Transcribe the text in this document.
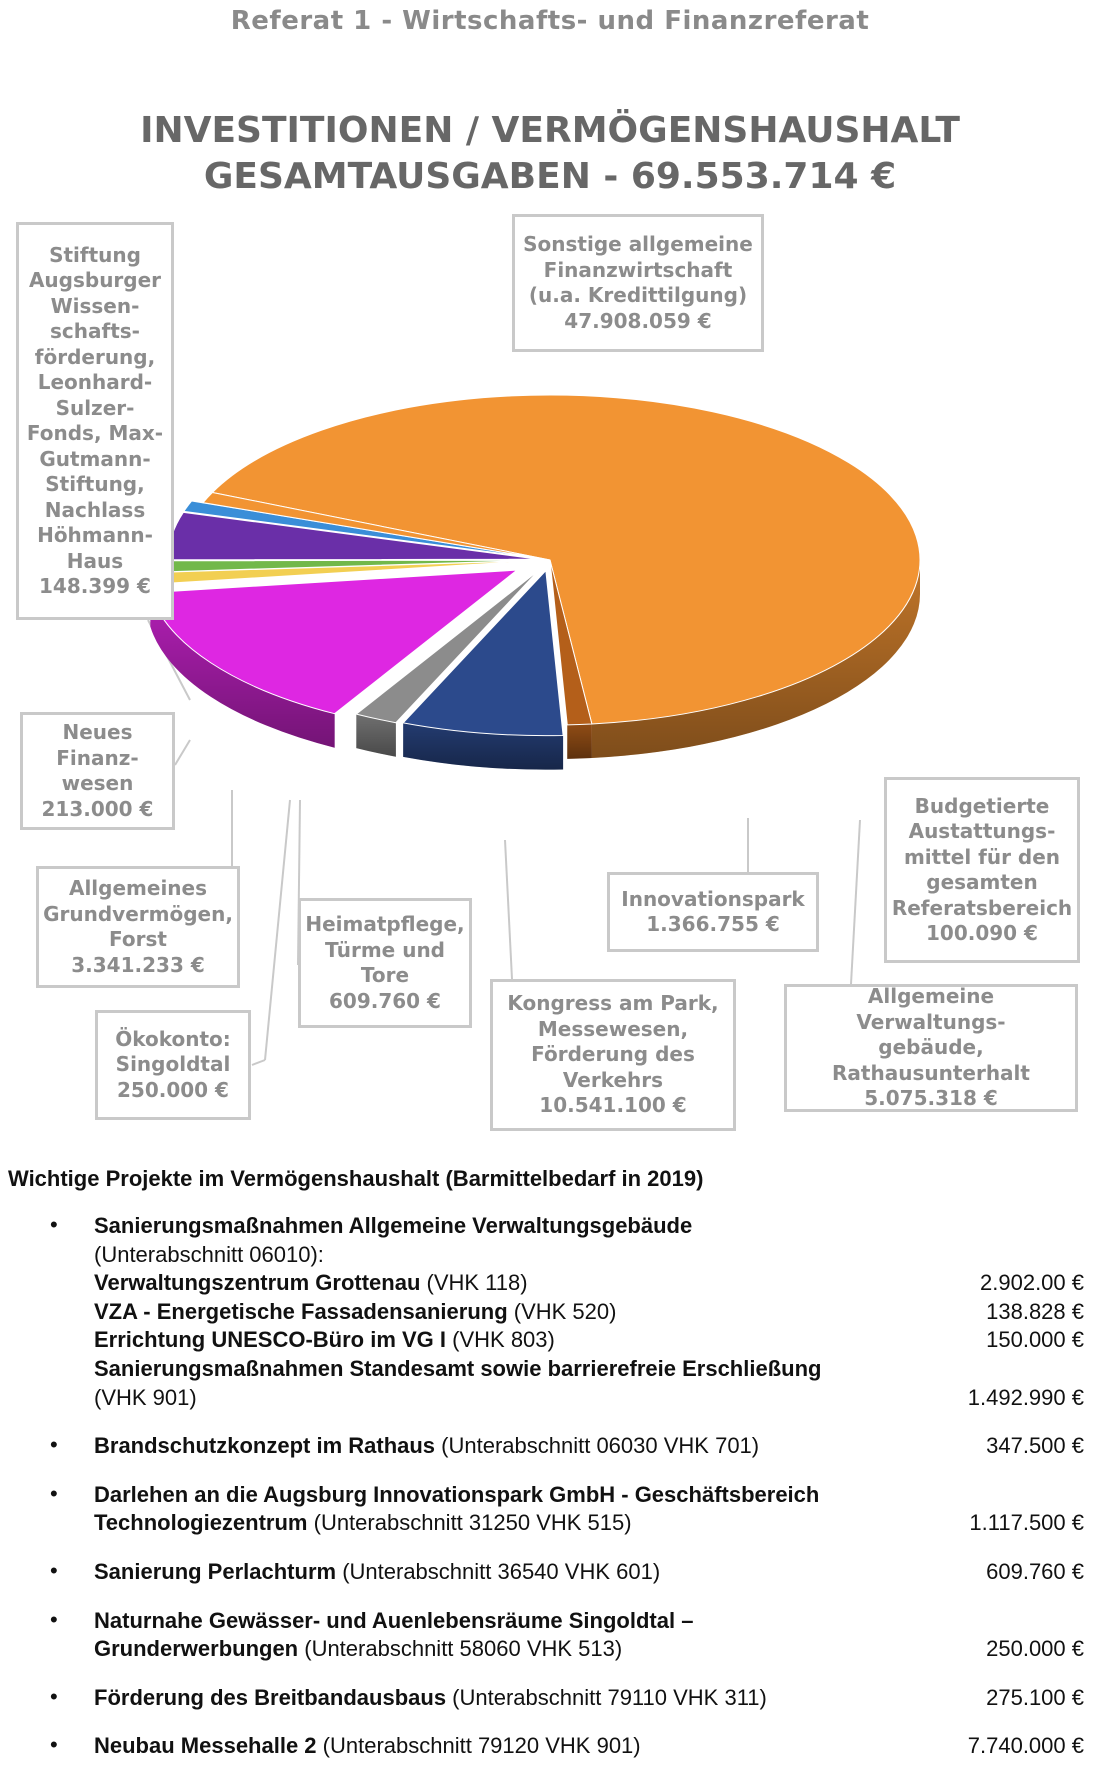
Referat 1 - Wirtschafts- und Finanzreferat
INVESTITIONEN / VERMÖGENSHAUSHALT
GESAMTAUSGABEN - 69.553.714 €
Stiftung
Augsburger
Wissen-
schafts-
förderung,
Leonhard-
Sulzer-
Fonds, Max-
Gutmann-
Stiftung,
Nachlass
Höhmann-
Haus
148.399 €
Sonstige allgemeine
Finanzwirtschaft
(u.a. Kredittilgung)
47.908.059 €
Neues
Finanz-
wesen
213.000 €
Allgemeines
Grundvermögen,
Forst
3.341.233 €
Ökokonto:
Singoldtal
250.000 €
Heimatpflege,
Türme und
Tore
609.760 €	Kongress am Park,
Messewesen,
Förderung des
Verkehrs
10.541.100 €
Innovationspark
1.366.755 €
Budgetierte
Austattungs-
mittel für den
gesamten
Referatsbereich
100.090 €
Allgemeine Verwaltungs-
gebäude,
Rathausunterhalt
5.075.318 €
Wichtige Projekte im Vermögenshaushalt (Barmittelbedarf in 2019)
• Sanierungsmaßnahmen Allgemeine Verwaltungsgebäude
(Unterabschnitt 06010):
Verwaltungszentrum Grottenau (VHK 118)	2.902.00 €
VZA - Energetische Fassadensanierung (VHK 520)	138.828 €
Errichtung UNESCO-Büro im VG I (VHK 803)	150.000 €
Sanierungsmaßnahmen Standesamt sowie barrierefreie Erschließung
(VHK 901)	1.492.990 €
• Brandschutzkonzept im Rathaus (Unterabschnitt 06030 VHK 701)	347.500 €
• Darlehen an die Augsburg Innovationspark GmbH - Geschäftsbereich
Technologiezentrum (Unterabschnitt 31250 VHK 515)	1.117.500 €
• Sanierung Perlachturm (Unterabschnitt 36540 VHK 601)	609.760 €
• Naturnahe Gewässer- und Auenlebensräume Singoldtal –
Grunderwerbungen (Unterabschnitt 58060 VHK 513)	250.000 €
• Förderung des Breitbandausbaus (Unterabschnitt 79110 VHK 311)	275.100 €
• Neubau Messehalle 2 (Unterabschnitt 79120 VHK 901)	7.740.000 €
